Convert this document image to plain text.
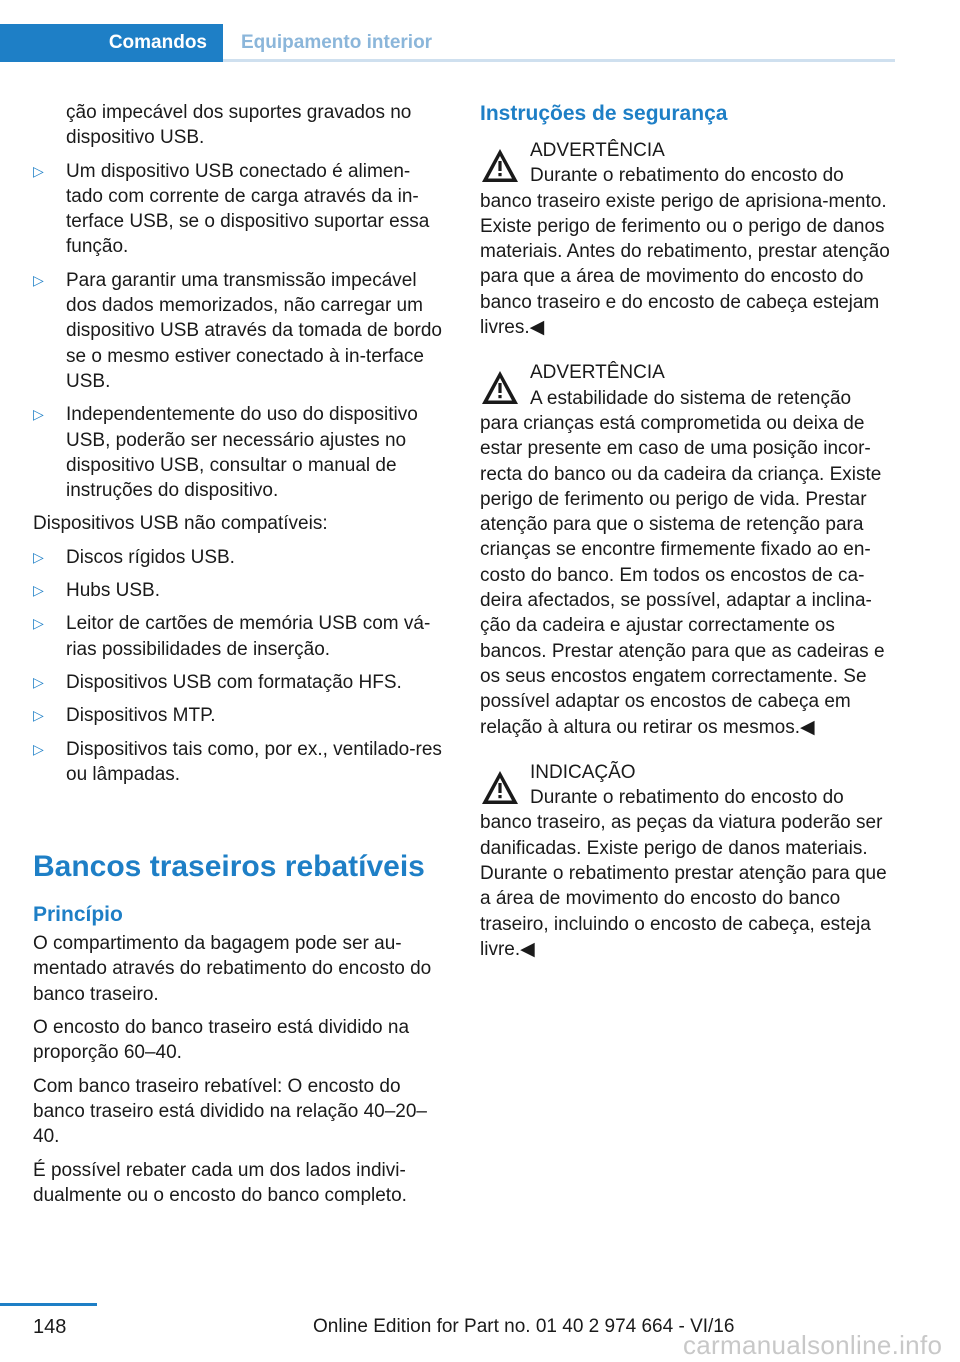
Comandos	Equipamento interior

ção impecável dos suportes gravados no dispositivo USB.

▷ Um dispositivo USB conectado é alimen-tado com corrente de carga através da in-terface USB, se o dispositivo suportar essa função.
▷ Para garantir uma transmissão impecável dos dados memorizados, não carregar um dispositivo USB através da tomada de bordo se o mesmo estiver conectado à in-terface USB.
▷ Independentemente do uso do dispositivo USB, poderão ser necessário ajustes no dispositivo USB, consultar o manual de instruções do dispositivo.

Dispositivos USB não compatíveis:

▷ Discos rígidos USB.
▷ Hubs USB.
▷ Leitor de cartões de memória USB com vá-rias possibilidades de inserção.
▷ Dispositivos USB com formatação HFS.
▷ Dispositivos MTP.
▷ Dispositivos tais como, por ex., ventilado-res ou lâmpadas.
Bancos traseiros rebatíveis
Princípio

O compartimento da bagagem pode ser au-mentado através do rebatimento do encosto do banco traseiro.

O encosto do banco traseiro está dividido na proporção 60–40.

Com banco traseiro rebatível: O encosto do banco traseiro está dividido na relação 40–20–40.

É possível rebater cada um dos lados indivi-dualmente ou o encosto do banco completo.

Instruções de segurança
ADVERTÊNCIA
Durante o rebatimento do encosto do
banco traseiro existe perigo de aprisiona-mento. Existe perigo de ferimento ou o perigo de danos materiais. Antes do rebatimento, prestar atenção para que a área de movimento do encosto do banco traseiro e do encosto de cabeça estejam livres.◀
ADVERTÊNCIA
A estabilidade do sistema de retenção
para crianças está comprometida ou deixa de estar presente em caso de uma posição incor-recta do banco ou da cadeira da criança. Existe perigo de ferimento ou perigo de vida. Prestar atenção para que o sistema de retenção para crianças se encontre firmemente fixado ao en-costo do banco. Em todos os encostos de ca-deira afectados, se possível, adaptar a inclina-ção da cadeira e ajustar correctamente os bancos. Prestar atenção para que as cadeiras e os seus encostos engatem correctamente. Se possível adaptar os encostos de cabeça em relação à altura ou retirar os mesmos.◀
INDICAÇÃO
Durante o rebatimento do encosto do
banco traseiro, as peças da viatura poderão ser danificadas. Existe perigo de danos materiais. Durante o rebatimento prestar atenção para que a área de movimento do encosto do banco traseiro, incluindo o encosto de cabeça, esteja livre.◀
148	Online Edition for Part no. 01 40 2 974 664 - VI/16
carmanualsonline.info
